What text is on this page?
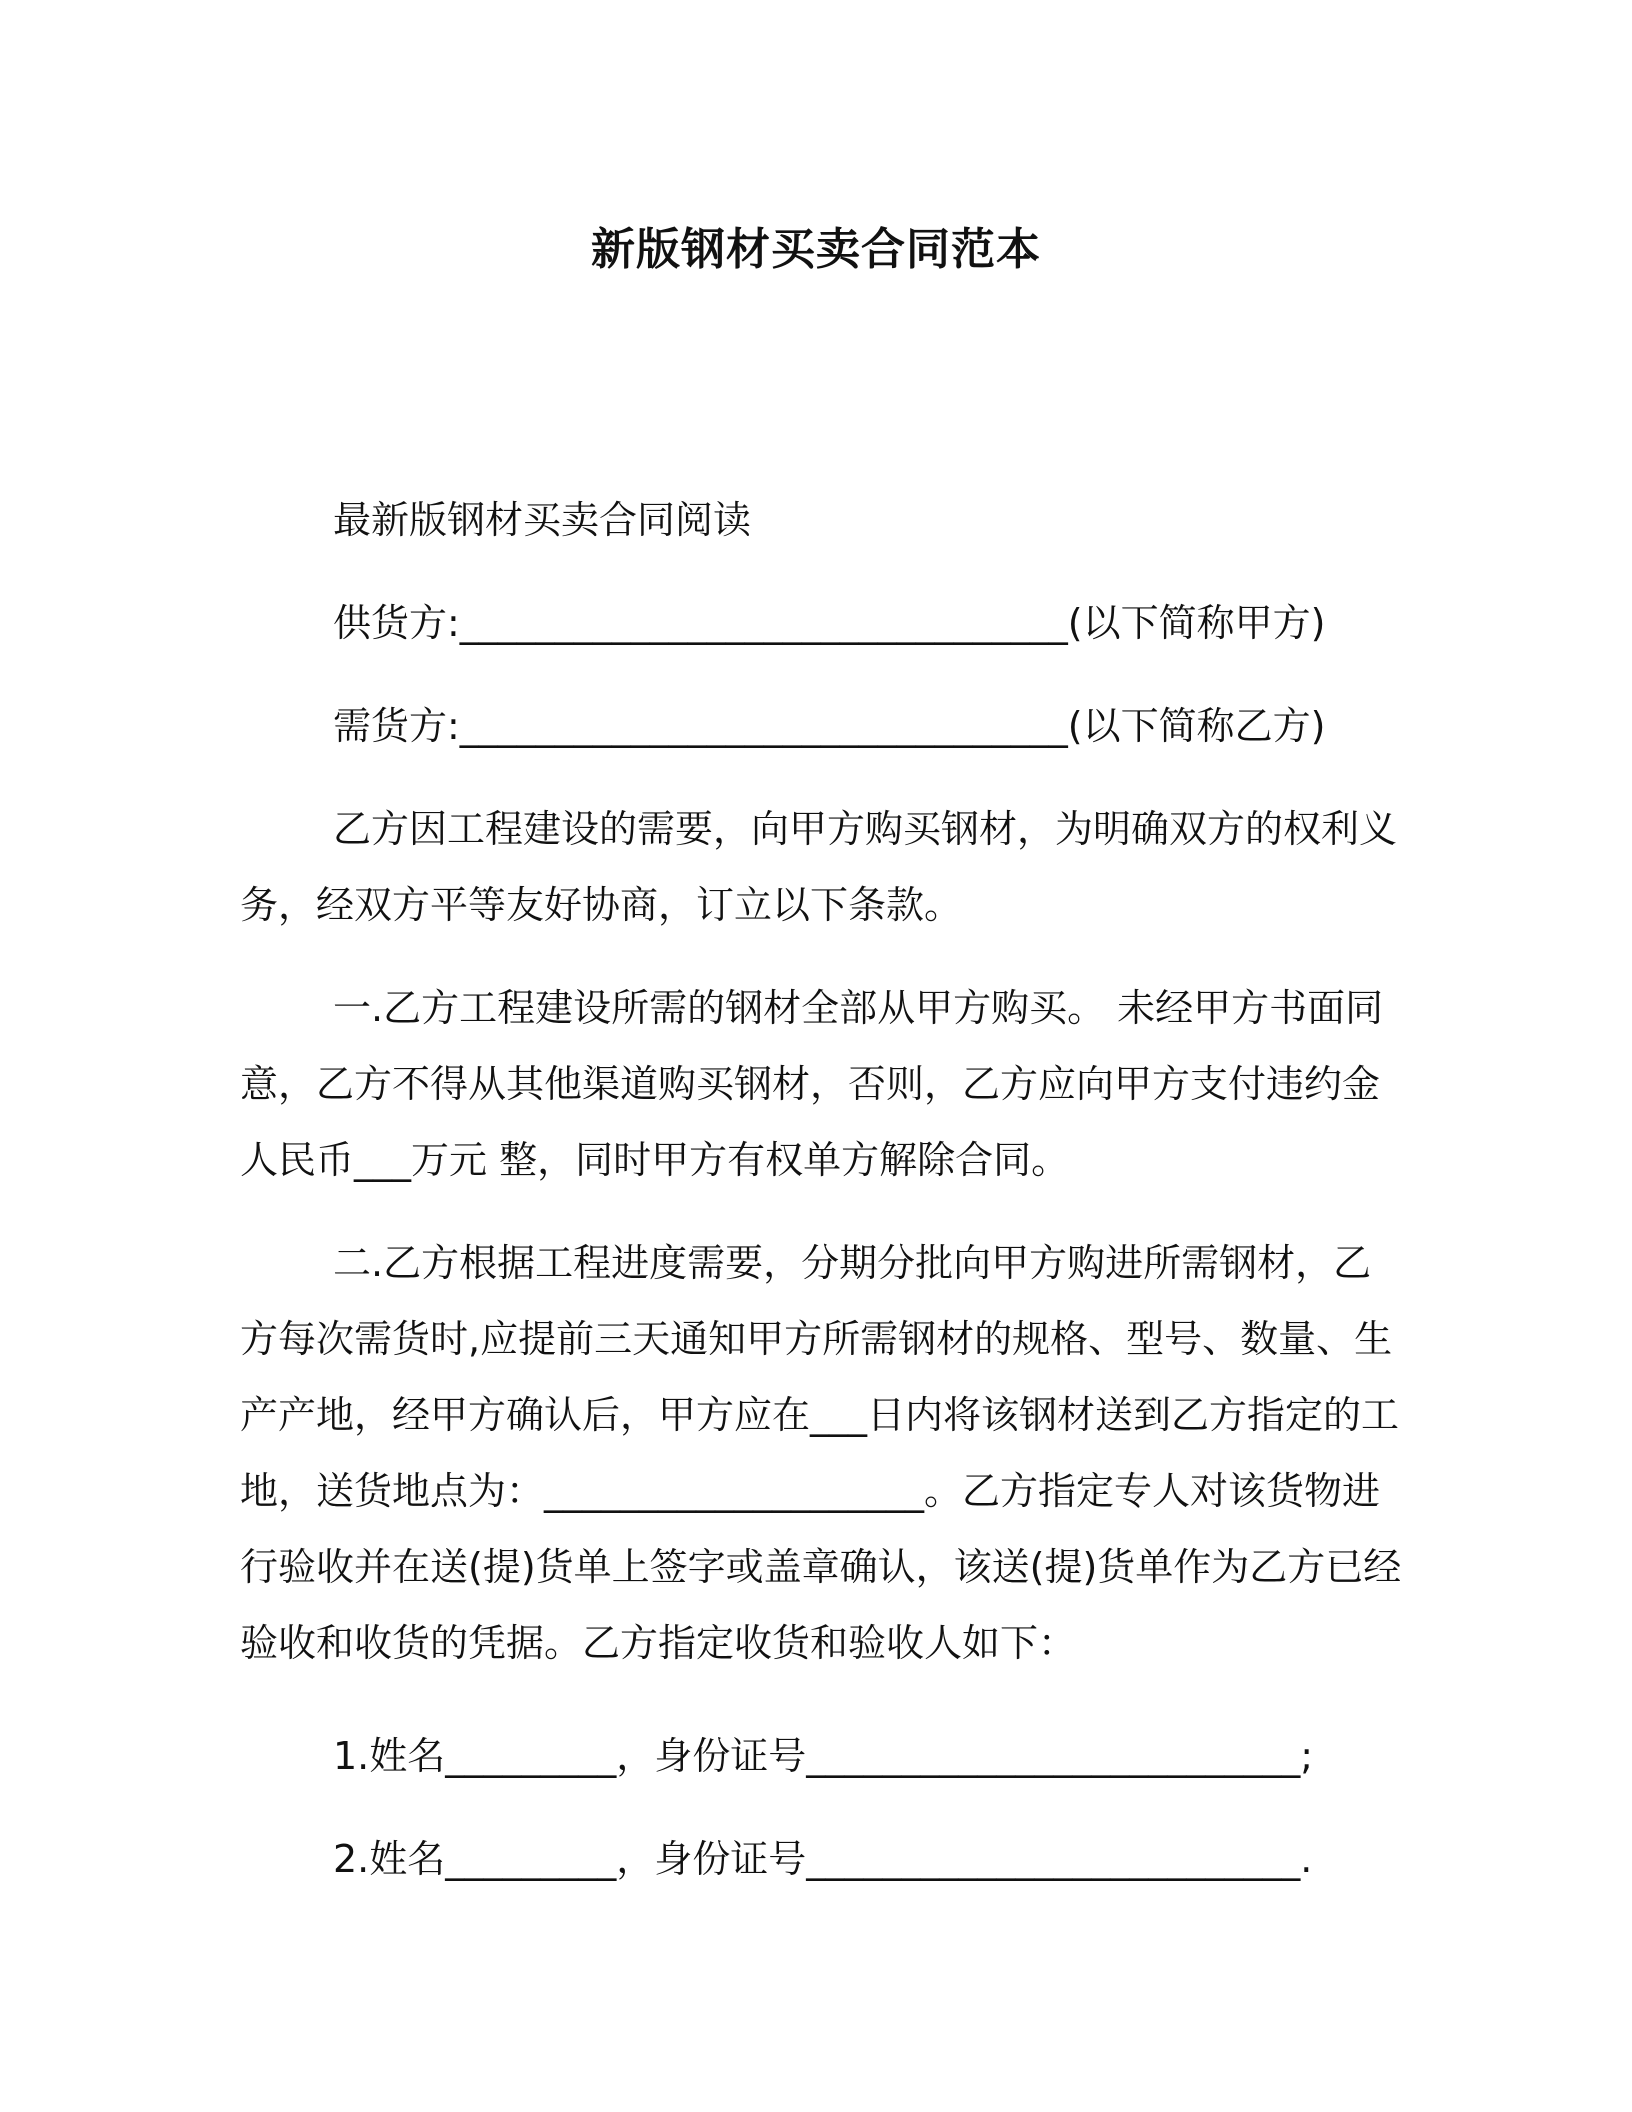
新版钢材买卖合同范本

最新版钢材买卖合同阅读

供货方:________________________________(以下简称甲方)

需货方:________________________________(以下简称乙方)

乙方因工程建设的需要，向甲方购买钢材，为明确双方的权利义

务，经双方平等友好协商，订立以下条款。

一.乙方工程建设所需的钢材全部从甲方购买。 未经甲方书面同

意，乙方不得从其他渠道购买钢材，否则，乙方应向甲方支付违约金

人民币___万元 整，同时甲方有权单方解除合同。

二.乙方根据工程进度需要，分期分批向甲方购进所需钢材，乙

方每次需货时,应提前三天通知甲方所需钢材的规格、型号、数量、生

产产地，经甲方确认后，甲方应在___日内将该钢材送到乙方指定的工

地，送货地点为：____________________。乙方指定专人对该货物进

行验收并在送(提)货单上签字或盖章确认，该送(提)货单作为乙方已经

验收和收货的凭据。乙方指定收货和验收人如下：

1.姓名_________，身份证号__________________________;

2.姓名_________，身份证号__________________________.
